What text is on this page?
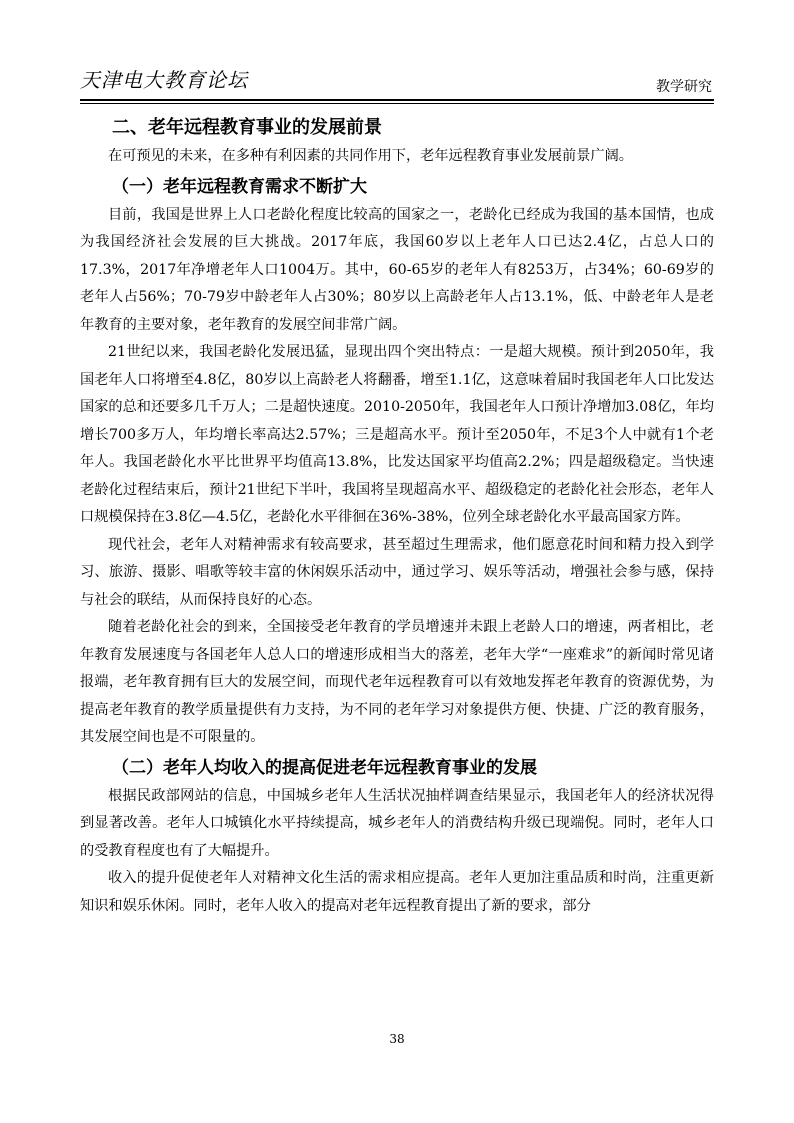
天津电大教育论坛	教学研究
二、老年远程教育事业的发展前景

在可预见的未来，在多种有利因素的共同作用下，老年远程教育事业发展前景广阔。

（一）老年远程教育需求不断扩大

目前，我国是世界上人口老龄化程度比较高的国家之一，老龄化已经成为我国的基本国情，也成为我国经济社会发展的巨大挑战。2017年底，我国60岁以上老年人口已达2.4亿，占总人口的17.3%，2017年净增老年人口1004万。其中，60-65岁的老年人有8253万，占34%；60-69岁的老年人占56%；70-79岁中龄老年人占30%；80岁以上高龄老年人占13.1%，低、中龄老年人是老年教育的主要对象，老年教育的发展空间非常广阔。

21世纪以来，我国老龄化发展迅猛，显现出四个突出特点：一是超大规模。预计到2050年，我国老年人口将增至4.8亿，80岁以上高龄老人将翻番，增至1.1亿，这意味着届时我国老年人口比发达国家的总和还要多几千万人；二是超快速度。2010-2050年，我国老年人口预计净增加3.08亿，年均增长700多万人，年均增长率高达2.57%；三是超高水平。预计至2050年，不足3个人中就有1个老年人。我国老龄化水平比世界平均值高13.8%，比发达国家平均值高2.2%；四是超级稳定。当快速老龄化过程结束后，预计21世纪下半叶，我国将呈现超高水平、超级稳定的老龄化社会形态，老年人口规模保持在3.8亿—4.5亿，老龄化水平徘徊在36%-38%，位列全球老龄化水平最高国家方阵。

现代社会，老年人对精神需求有较高要求，甚至超过生理需求，他们愿意花时间和精力投入到学习、旅游、摄影、唱歌等较丰富的休闲娱乐活动中，通过学习、娱乐等活动，增强社会参与感，保持与社会的联结，从而保持良好的心态。

随着老龄化社会的到来，全国接受老年教育的学员增速并未跟上老龄人口的增速，两者相比，老年教育发展速度与各国老年人总人口的增速形成相当大的落差，老年大学“一座难求”的新闻时常见诸报端，老年教育拥有巨大的发展空间，而现代老年远程教育可以有效地发挥老年教育的资源优势，为提高老年教育的教学质量提供有力支持，为不同的老年学习对象提供方便、快捷、广泛的教育服务，其发展空间也是不可限量的。

（二）老年人均收入的提高促进老年远程教育事业的发展

根据民政部网站的信息，中国城乡老年人生活状况抽样调查结果显示，我国老年人的经济状况得到显著改善。老年人口城镇化水平持续提高，城乡老年人的消费结构升级已现端倪。同时，老年人口的受教育程度也有了大幅提升。

收入的提升促使老年人对精神文化生活的需求相应提高。老年人更加注重品质和时尚，注重更新知识和娱乐休闲。同时，老年人收入的提高对老年远程教育提出了新的要求，部分

38
